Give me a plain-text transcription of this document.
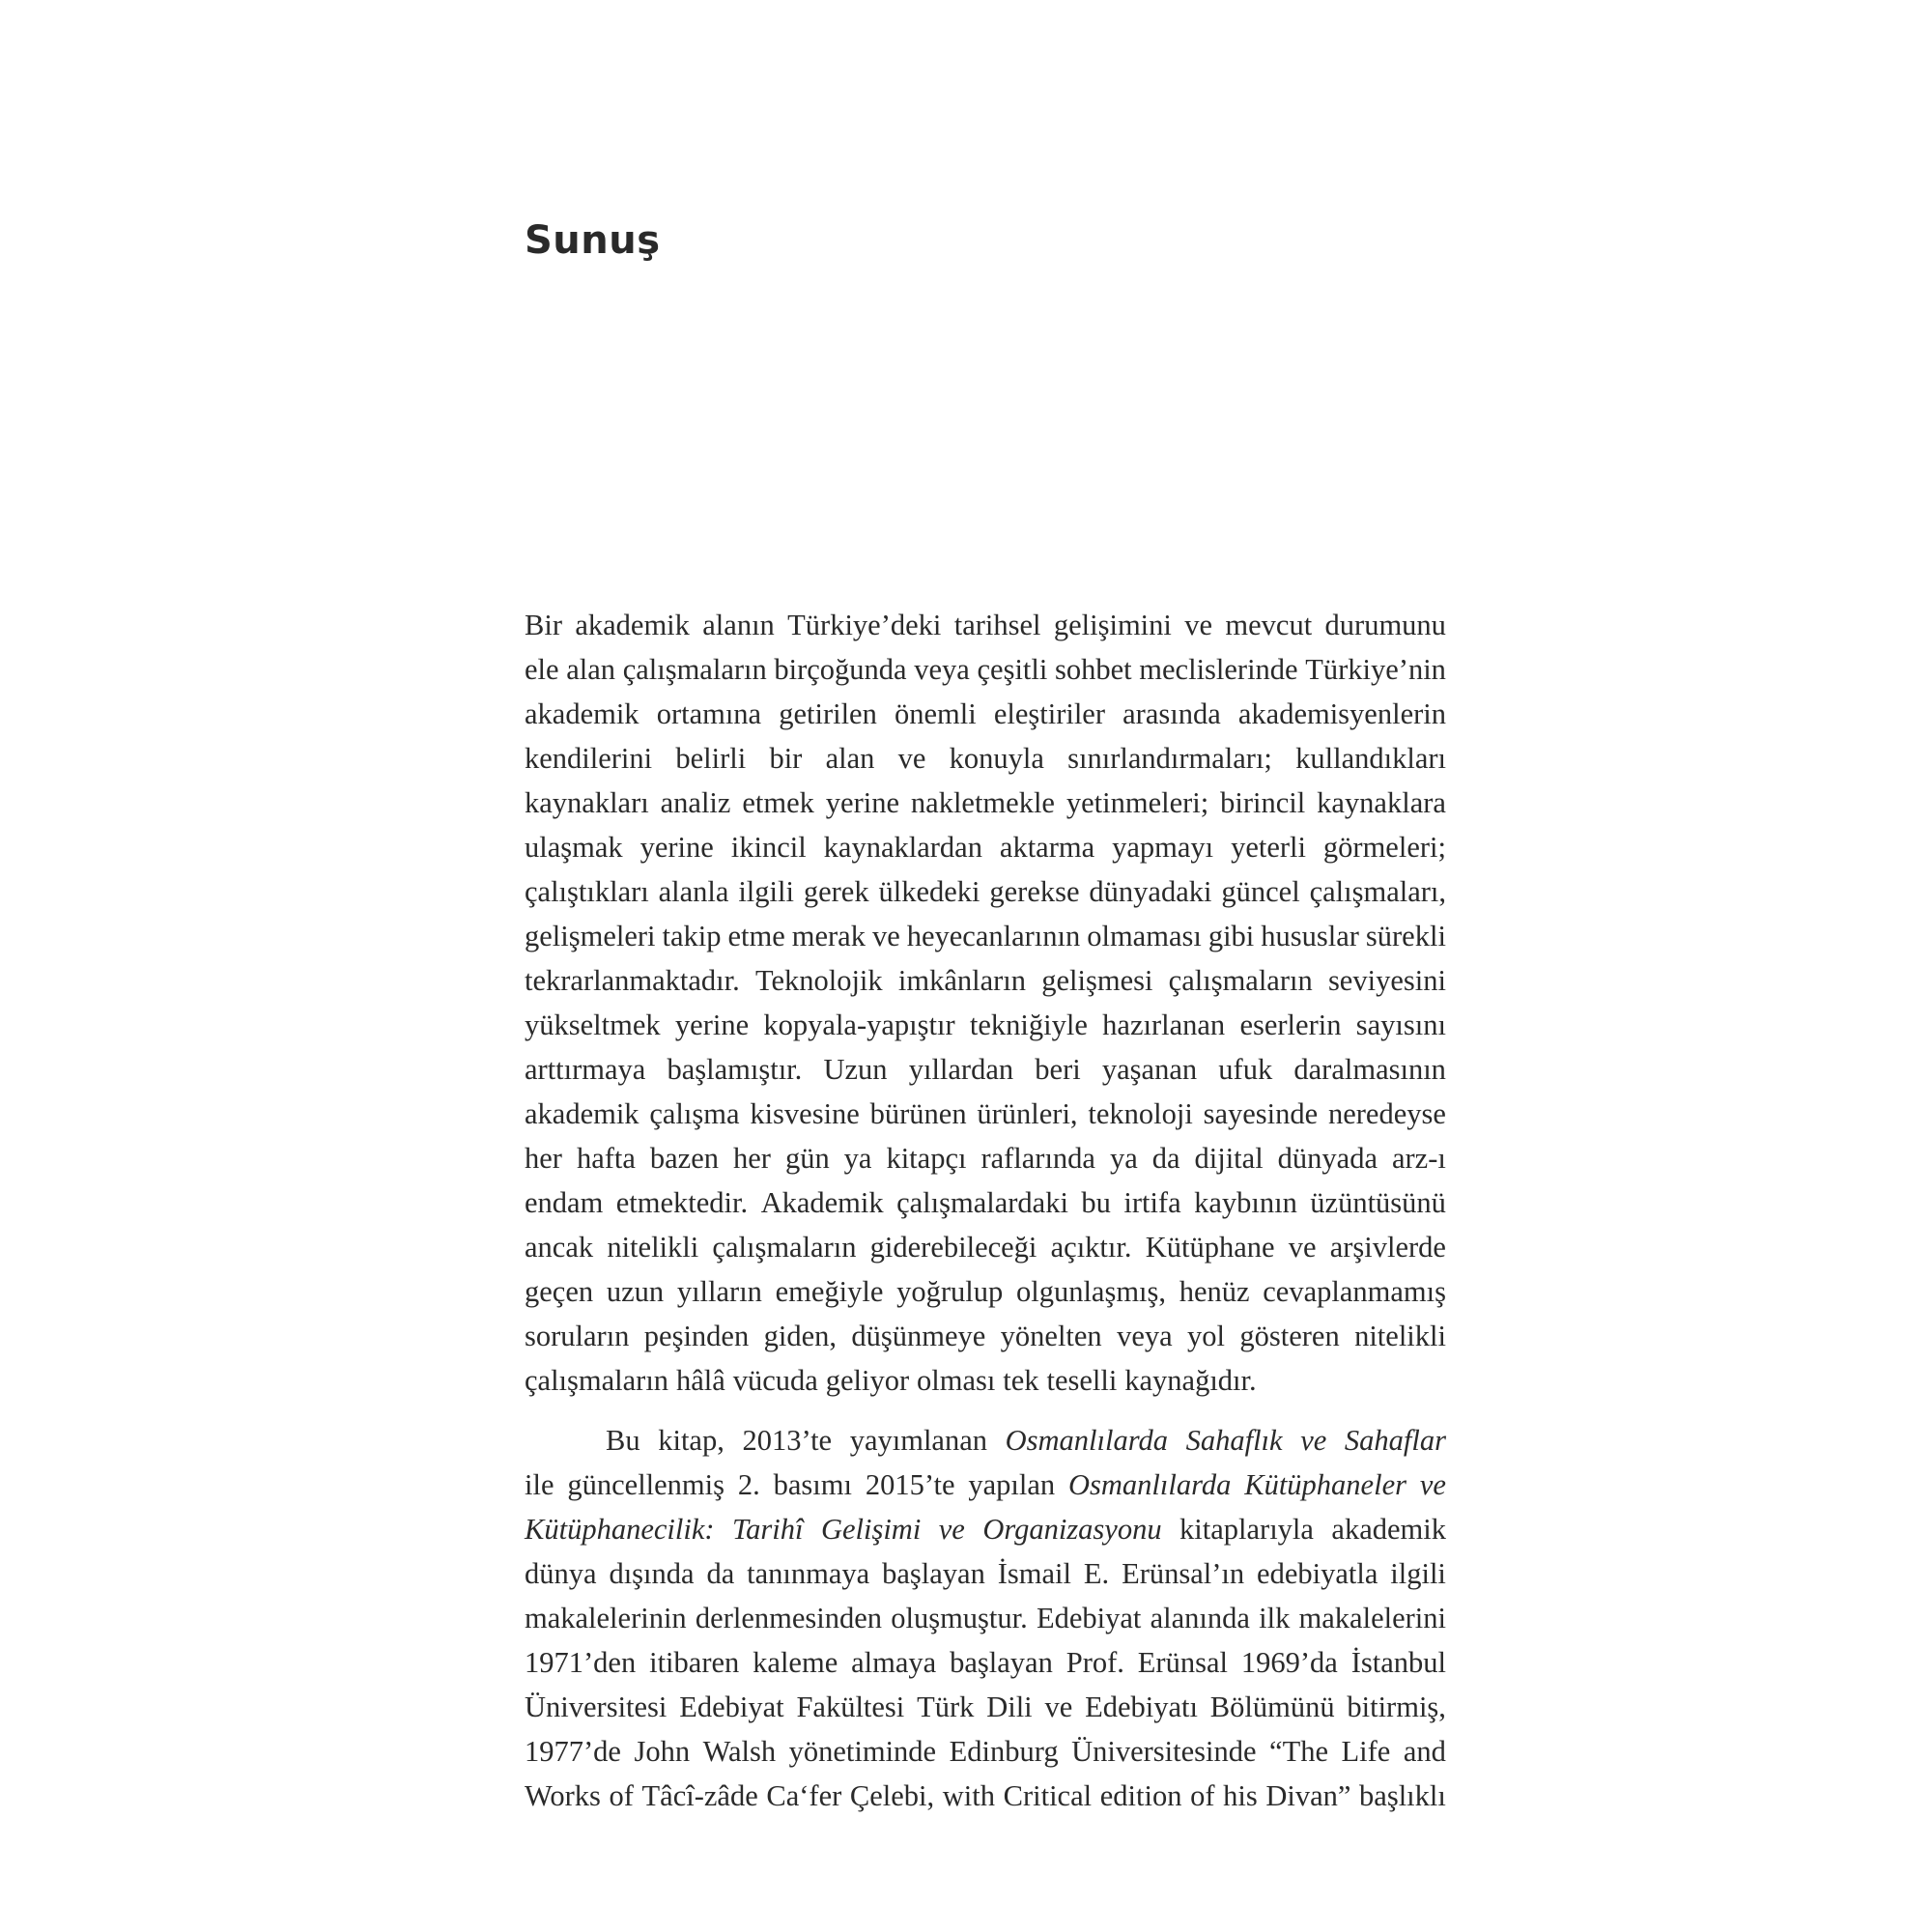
Sunuş
Bir akademik alanın Türkiye’deki tarihsel gelişimini ve mevcut durumunu
ele alan çalışmaların birçoğunda veya çeşitli sohbet meclislerinde Türkiye’nin
akademik ortamına getirilen önemli eleştiriler arasında akademisyenlerin
kendilerini belirli bir alan ve konuyla sınırlandırmaları; kullandıkları
kaynakları analiz etmek yerine nakletmekle yetinmeleri; birincil kaynaklara
ulaşmak yerine ikincil kaynaklardan aktarma yapmayı yeterli görmeleri;
çalıştıkları alanla ilgili gerek ülkedeki gerekse dünyadaki güncel çalışmaları,
gelişmeleri takip etme merak ve heyecanlarının olmaması gibi hususlar sürekli
tekrarlanmaktadır. Teknolojik imkânların gelişmesi çalışmaların seviyesini
yükseltmek yerine kopyala-yapıştır tekniğiyle hazırlanan eserlerin sayısını
arttırmaya başlamıştır. Uzun yıllardan beri yaşanan ufuk daralmasının
akademik çalışma kisvesine bürünen ürünleri, teknoloji sayesinde neredeyse
her hafta bazen her gün ya kitapçı raflarında ya da dijital dünyada arz-ı
endam etmektedir. Akademik çalışmalardaki bu irtifa kaybının üzüntüsünü
ancak nitelikli çalışmaların giderebileceği açıktır. Kütüphane ve arşivlerde
geçen uzun yılların emeğiyle yoğrulup olgunlaşmış, henüz cevaplanmamış
soruların peşinden giden, düşünmeye yönelten veya yol gösteren nitelikli
çalışmaların hâlâ vücuda geliyor olması tek teselli kaynağıdır.
Bu kitap, 2013’te yayımlanan Osmanlılarda Sahaflık ve Sahaflar
ile güncellenmiş 2. basımı 2015’te yapılan Osmanlılarda Kütüphaneler ve
Kütüphanecilik: Tarihî Gelişimi ve Organizasyonu kitaplarıyla akademik
dünya dışında da tanınmaya başlayan İsmail E. Erünsal’ın edebiyatla ilgili
makalelerinin derlenmesinden oluşmuştur. Edebiyat alanında ilk makalelerini
1971’den itibaren kaleme almaya başlayan Prof. Erünsal 1969’da İstanbul
Üniversitesi Edebiyat Fakültesi Türk Dili ve Edebiyatı Bölümünü bitirmiş,
1977’de John Walsh yönetiminde Edinburg Üniversitesinde “The Life and
Works of Tâcî-zâde Ca‘fer Çelebi, with Critical edition of his Divan” başlıklı
